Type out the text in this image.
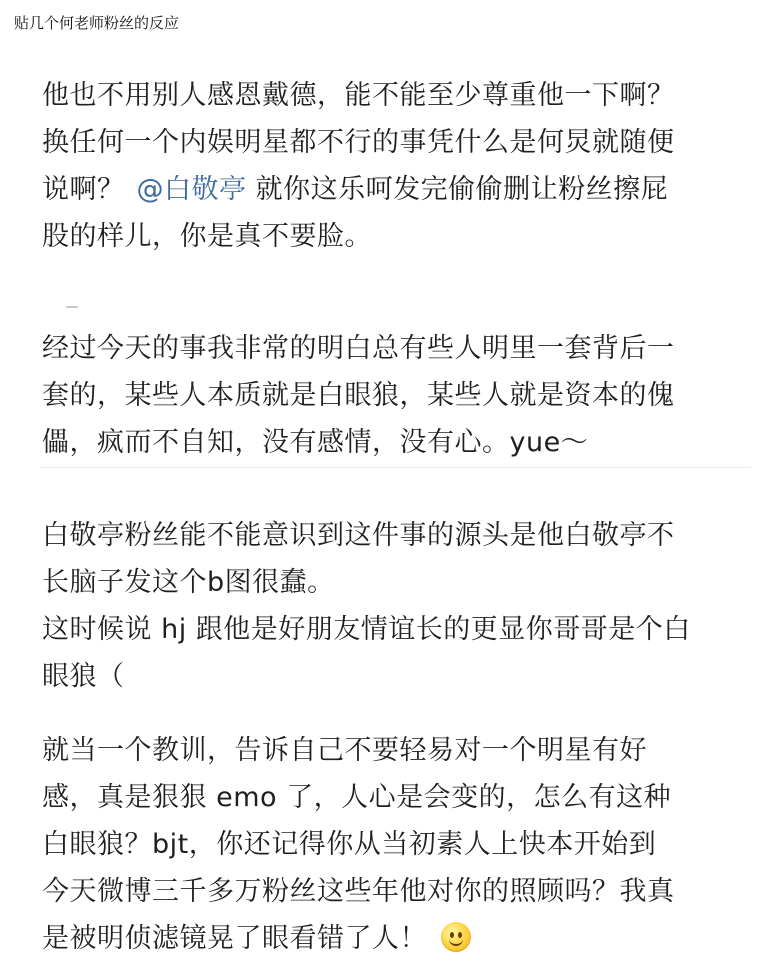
贴几个何老师粉丝的反应
他也不用别人感恩戴德，能不能至少尊重他一下啊？
换任何一个内娱明星都不行的事凭什么是何炅就随便
说啊？ @白敬亭 就你这乐呵发完偷偷删让粉丝擦屁
股的样儿，你是真不要脸。
经过今天的事我非常的明白总有些人明里一套背后一
套的，某些人本质就是白眼狼，某些人就是资本的傀
儡，疯而不自知，没有感情，没有心。yue～
白敬亭粉丝能不能意识到这件事的源头是他白敬亭不
长脑子发这个b图很蠢。
这时候说 hj 跟他是好朋友情谊长的更显你哥哥是个白
眼狼（
就当一个教训，告诉自己不要轻易对一个明星有好
感，真是狠狠 emo 了，人心是会变的，怎么有这种
白眼狼？bjt，你还记得你从当初素人上快本开始到
今天微博三千多万粉丝这些年他对你的照顾吗？我真
是被明侦滤镜晃了眼看错了人！
